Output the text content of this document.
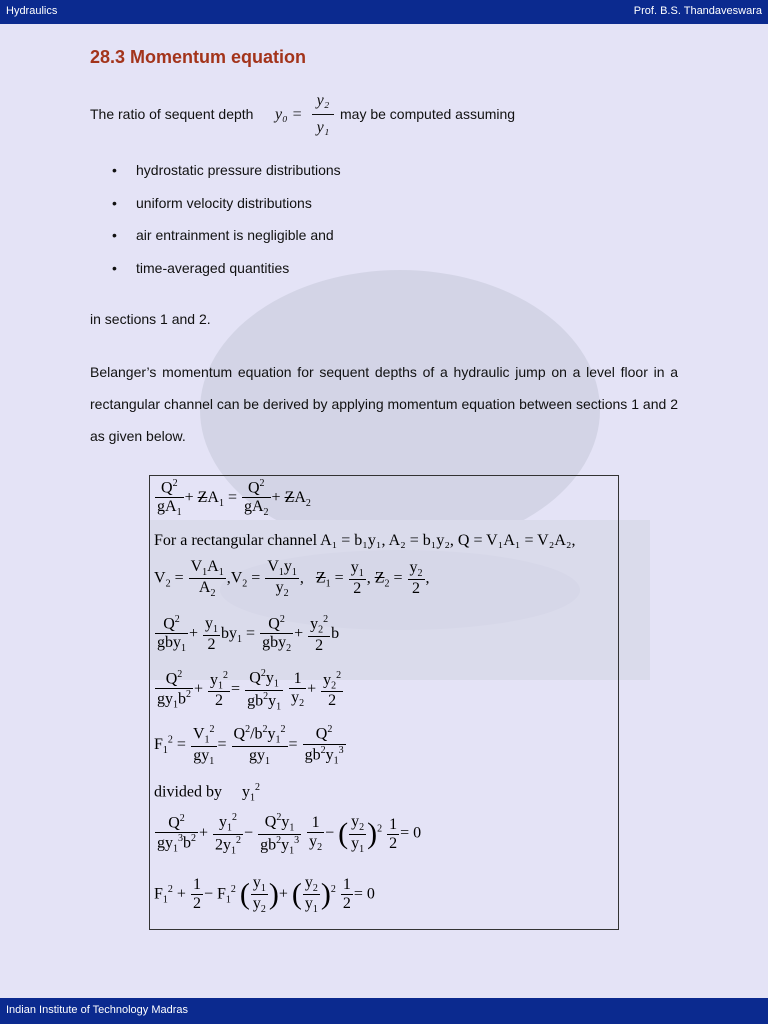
Hydraulics	Prof. B.S. Thandaveswara
28.3 Momentum equation
The ratio of sequent depth $y_0 = \frac{\text{y₂}}{\text{y₁}}$ may be computed assuming
• hydrostatic pressure distributions
• uniform velocity distributions
• air entrainment is negligible and
• time-averaged quantities
in sections 1 and 2.
Belanger’s momentum equation for sequent depths of a hydraulic jump on a level floor in a rectangular channel can be derived by applying momentum equation between sections 1 and 2 as given below.
$\frac{Q^2}{gA_1} + ZA_1 = \frac{Q^2}{gA_2} + ZA_2$
For a rectangular channel A₁ = b₁y₁, A₂ = b₁y₂, Q = V₁A₁ = V₂A₂,
$V_2 = \frac{V_1A_1}{A_2} ,V_2 = \frac{V_1y_1}{y_2}$ ,   $Z_1 = \frac{y_1}{2}$ , $Z_2 = \frac{y_2}{2}$ ,
$Q^2$
gby$_1$
+ $\frac{y_1}{2} by_1$ =
$Q^2$
gby$_2$
+ $\frac{y_2^2}{2}$ b
$\frac{Q^2}{gy_1b^2} + \frac{y_1^2}{2} = \frac{Q^2y_1}{gb^2y_1}$
$\frac{1}{y_2} + \frac{y_2^2}{2}$
$F_1^2 = \frac{V_1^2}{gy_1} = \frac{Q^2/b^2y_1^2}{gy_1} = \frac{Q^2}{gb^2y_1^3}$
divided by     $y_1^2$
$\frac{Q^2}{gy_1^3b^2} + \frac{y_1^2}{2y_1^2} - \frac{Q^2y_1}{gb^2y_1^3}$
$\frac{1}{y_2}$ − ( $\frac{y_2}{y_1} )^2 \frac{1}{2} = 0$
$F_1^2 + \frac{1}{2} - F_1^2$ ( $\frac{y_1}{y_2}$ )+ ( $\frac{y_2}{y_1} )^2 \frac{1}{2} = 0$
Indian Institute of Technology Madras
